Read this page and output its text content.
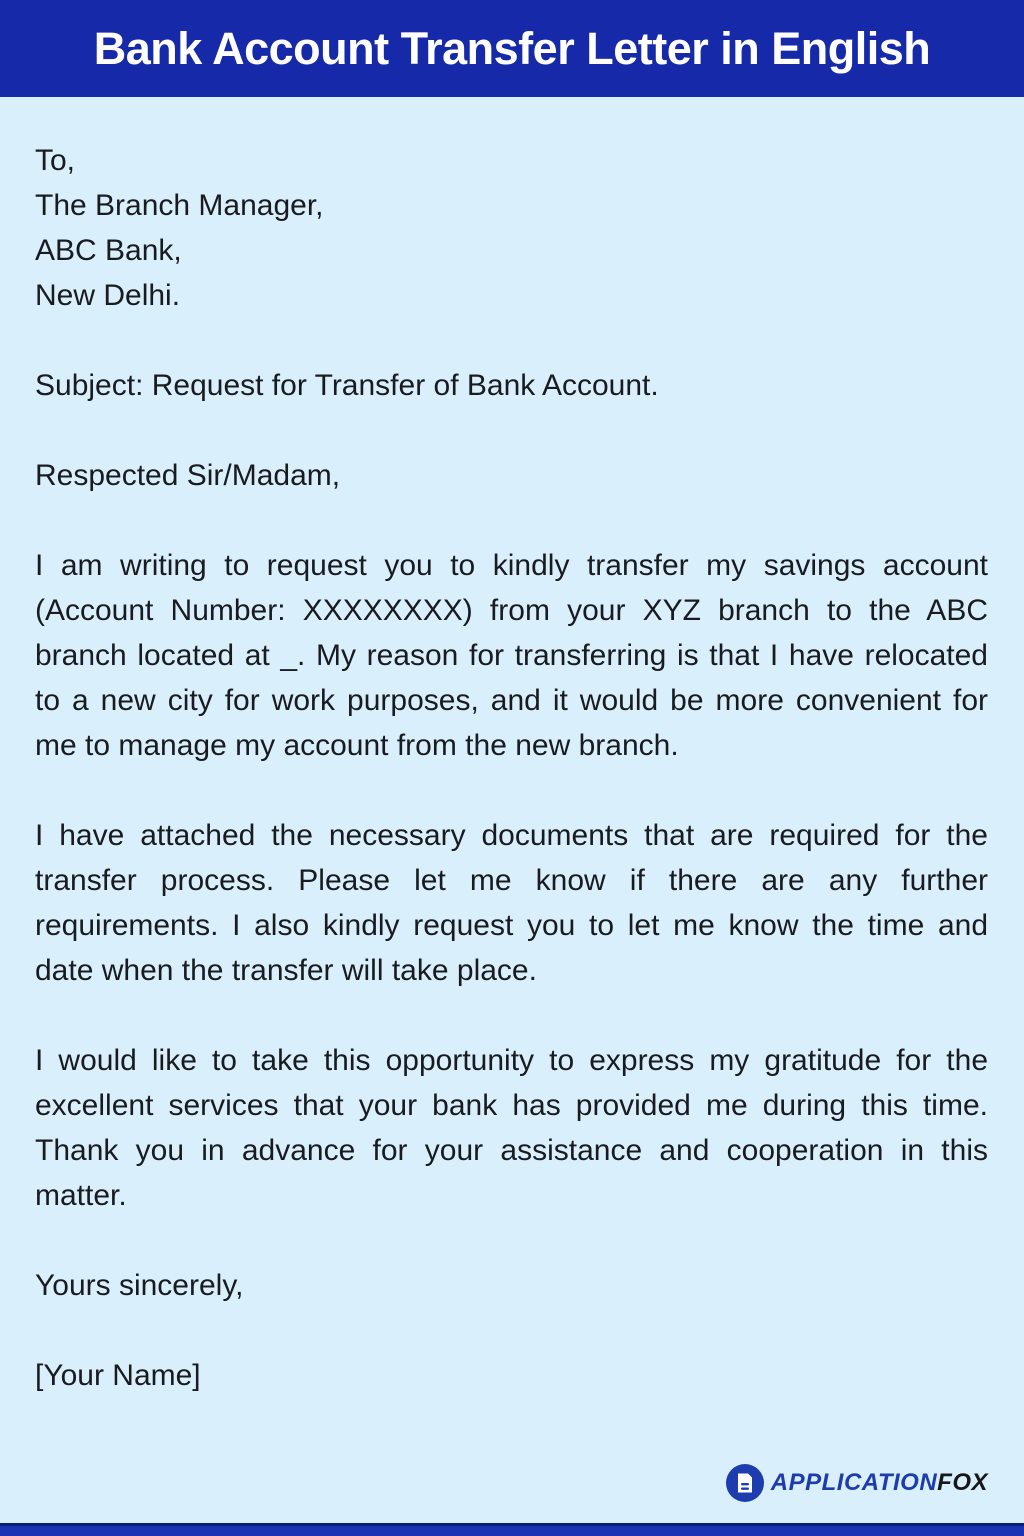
Bank Account Transfer Letter in English
To,
The Branch Manager,
ABC Bank,
New Delhi.
Subject: Request for Transfer of Bank Account.
Respected Sir/Madam,

I am writing to request you to kindly transfer my savings account (Account Number: XXXXXXXX) from your XYZ branch to the ABC branch located at _. My reason for transferring is that I have relocated to a new city for work purposes, and it would be more convenient for me to manage my account from the new branch.

I have attached the necessary documents that are required for the transfer process. Please let me know if there are any further requirements. I also kindly request you to let me know the time and date when the transfer will take place.

I would like to take this opportunity to express my gratitude for the excellent services that your bank has provided me during this time. Thank you in advance for your assistance and cooperation in this matter.

Yours sincerely,
[Your Name]
APPLICATIONFOX
